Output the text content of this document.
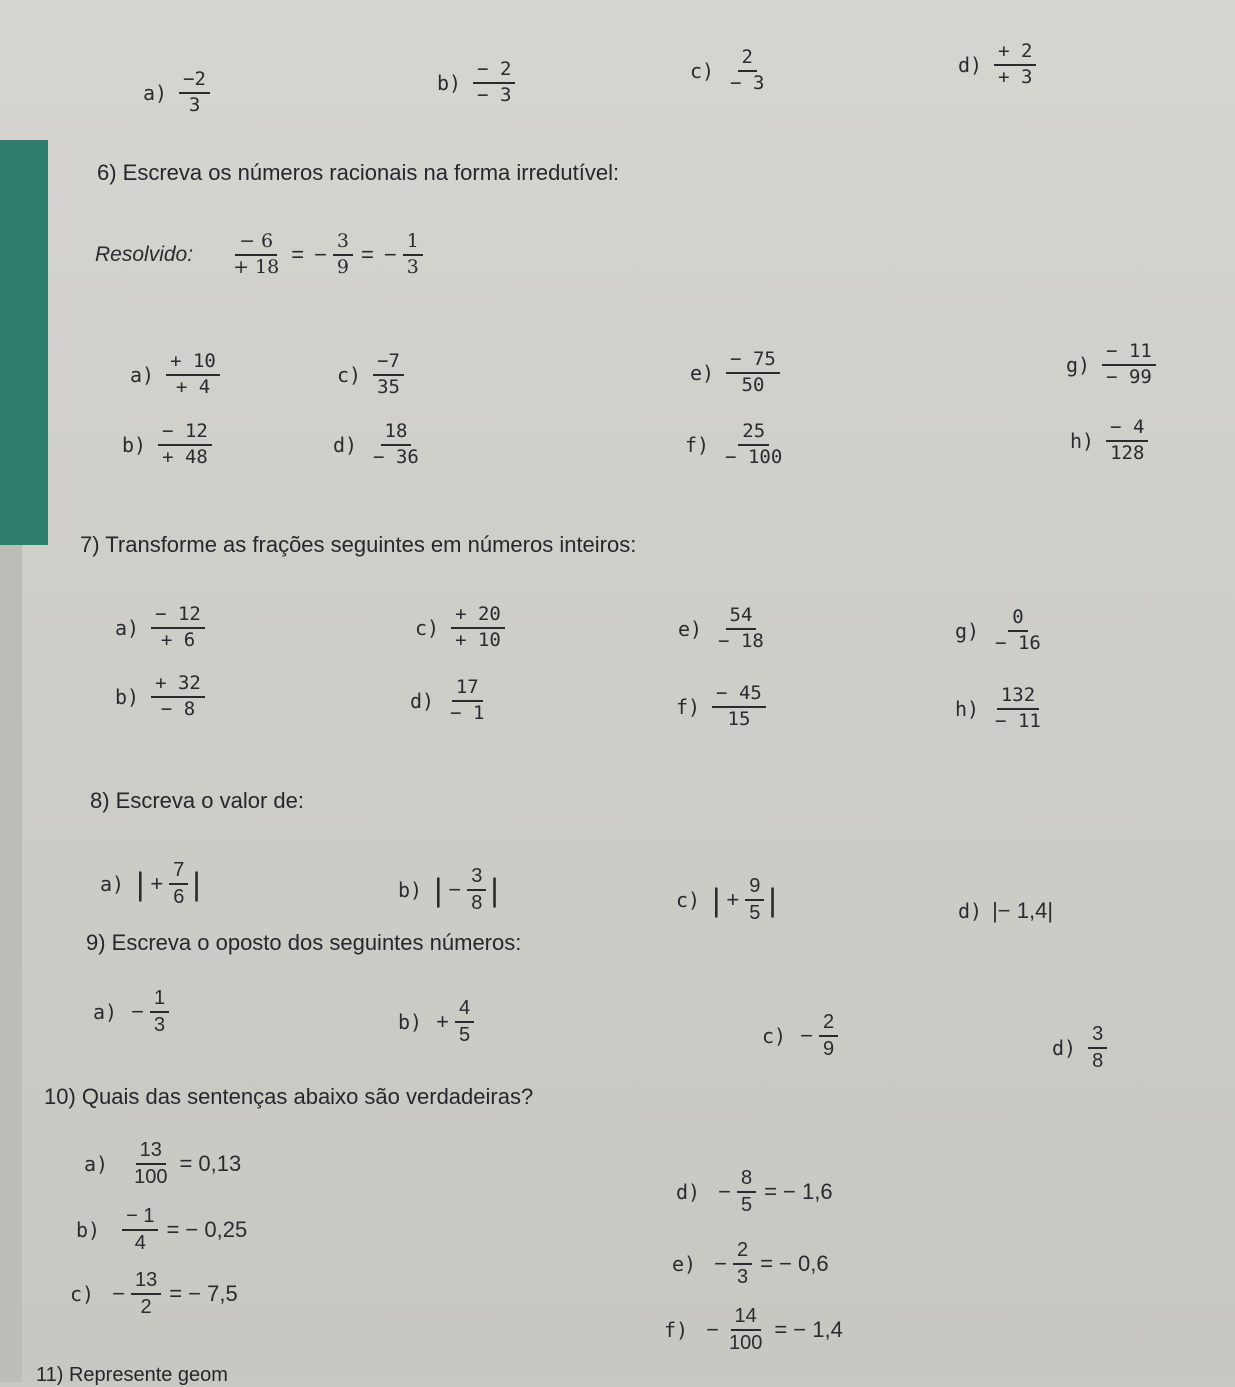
$a) \frac{-2}{3}$	$b) \frac{- 2}{- 3}$	$c) \frac{2}{- 3}$	$d) \frac{+ 2}{+ 3}$
6) Escreva os números racionais na forma irredutível:
Resolvido: $\frac{- 6}{+ 18}$ = − $\frac{3}{9}$ = − $\frac{1}{3}$
$a) \frac{+ 10}{+ 4}$	$c) \frac{-7}{35}$	$e) \frac{- 75}{50}$	$g) \frac{- 11}{- 99}$
$b) \frac{- 12}{+ 48}$	$d) \frac{18}{- 36}$	$f) \frac{25}{- 100}$	$h) \frac{- 4}{128}$
7) Transforme as frações seguintes em números inteiros:
$a) \frac{- 12}{+ 6}$	$c) \frac{+ 20}{+ 10}$	$e) \frac{54}{- 18}$	$g) \frac{0}{- 16}$
$b) \frac{+ 32}{- 8}$	$d) \frac{17}{- 1}$	$f) \frac{- 45}{15}$	$h) \frac{132}{- 11}$
8) Escreva o valor de:
a) | + $\frac{7}{6}$ |	b) | − $\frac{3}{8}$ |	c) | + $\frac{9}{5}$ |	d) |− 1,4|
9) Escreva o oposto dos seguintes números:
$a) - \frac{1}{3}$	$b) + \frac{4}{5}$	$c) - \frac{2}{9}$	$d) \frac{3}{8}$
10) Quais das sentenças abaixo são verdadeiras?
$a) \frac{13}{100} = 0,13$
$b) \frac{- 1}{4}$ = − 0,25
$c) - \frac{13}{2}$ = − 7,5
$d) - \frac{8}{5}$ = − 1,6
$e) - \frac{2}{3}$ = − 0,6
$f) - \frac{14}{100}$ = − 1,4
11) Represente geom
